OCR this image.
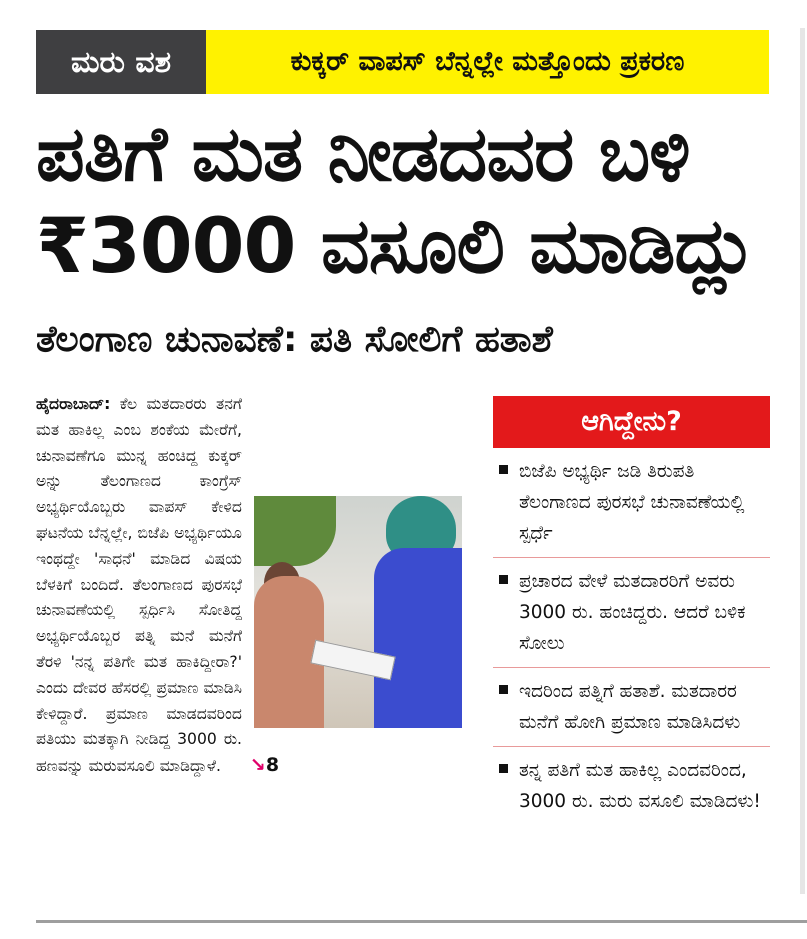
ಮರು ವಶ	ಕುಕ್ಕರ್ ವಾಪಸ್ ಬೆನ್ನಲ್ಲೇ ಮತ್ತೊಂದು ಪ್ರಕರಣ
ಪತಿಗೆ ಮತ ನೀಡದವರ ಬಳಿ
₹3000 ವಸೂಲಿ ಮಾಡಿದ್ಲು
ತೆಲಂಗಾಣ ಚುನಾವಣೆ: ಪತಿ ಸೋಲಿಗೆ ಹತಾಶೆ
ಹೈದರಾಬಾದ್: ಕೆಲ ಮತದಾರರು ತನಗೆ ಮತ ಹಾಕಿಲ್ಲ ಎಂಬ ಶಂಕೆಯ ಮೇರೆಗೆ, ಚುನಾವಣೆಗೂ ಮುನ್ನ ಹಂಚಿದ್ದ ಕುಕ್ಕರ್ ಅನ್ನು ತೆಲಂಗಾಣದ ಕಾಂಗ್ರೆಸ್ ಅಭ್ಯರ್ಥಿಯೊಬ್ಬರು ವಾಪಸ್ ಕೇಳಿದ ಘಟನೆಯ ಬೆನ್ನಲ್ಲೇ, ಬಿಜೆಪಿ ಅಭ್ಯರ್ಥಿಯೂ ಇಂಥದ್ದೇ 'ಸಾಧನೆ' ಮಾಡಿದ ವಿಷಯ ಬೆಳಕಿಗೆ ಬಂದಿದೆ. ತೆಲಂಗಾಣದ ಪುರಸಭೆ ಚುನಾವಣೆಯಲ್ಲಿ ಸ್ಪರ್ಧಿಸಿ ಸೋತಿದ್ದ ಅಭ್ಯರ್ಥಿಯೊಬ್ಬರ ಪತ್ನಿ ಮನೆ ಮನೆಗೆ ತೆರಳಿ 'ನನ್ನ ಪತಿಗೇ ಮತ ಹಾಕಿದ್ದೀರಾ?' ಎಂದು ದೇವರ ಹೆಸರಲ್ಲಿ ಪ್ರಮಾಣ ಮಾಡಿಸಿ ಕೇಳಿದ್ದಾರೆ. ಪ್ರಮಾಣ ಮಾಡದವರಿಂದ ಪತಿಯು ಮತಕ್ಕಾಗಿ ನೀಡಿದ್ದ 3000 ರು. ಹಣವನ್ನು ಮರುವಸೂಲಿ ಮಾಡಿದ್ದಾಳೆ. ↘8
ಆಗಿದ್ದೇನು?
ಬಿಜೆಪಿ ಅಭ್ಯರ್ಥಿ ಜಡಿ ತಿರುಪತಿ ತೆಲಂಗಾಣದ ಪುರಸಭೆ ಚುನಾವಣೆಯಲ್ಲಿ ಸ್ಪರ್ಧೆ
ಪ್ರಚಾರದ ವೇಳೆ ಮತದಾರರಿಗೆ ಅವರು 3000 ರು. ಹಂಚಿದ್ದರು. ಆದರೆ ಬಳಿಕ ಸೋಲು
ಇದರಿಂದ ಪತ್ನಿಗೆ ಹತಾಶೆ. ಮತದಾರರ ಮನೆಗೆ ಹೋಗಿ ಪ್ರಮಾಣ ಮಾಡಿಸಿದಳು
ತನ್ನ ಪತಿಗೆ ಮತ ಹಾಕಿಲ್ಲ ಎಂದವರಿಂದ, 3000 ರು. ಮರು ವಸೂಲಿ ಮಾಡಿದಳು!
